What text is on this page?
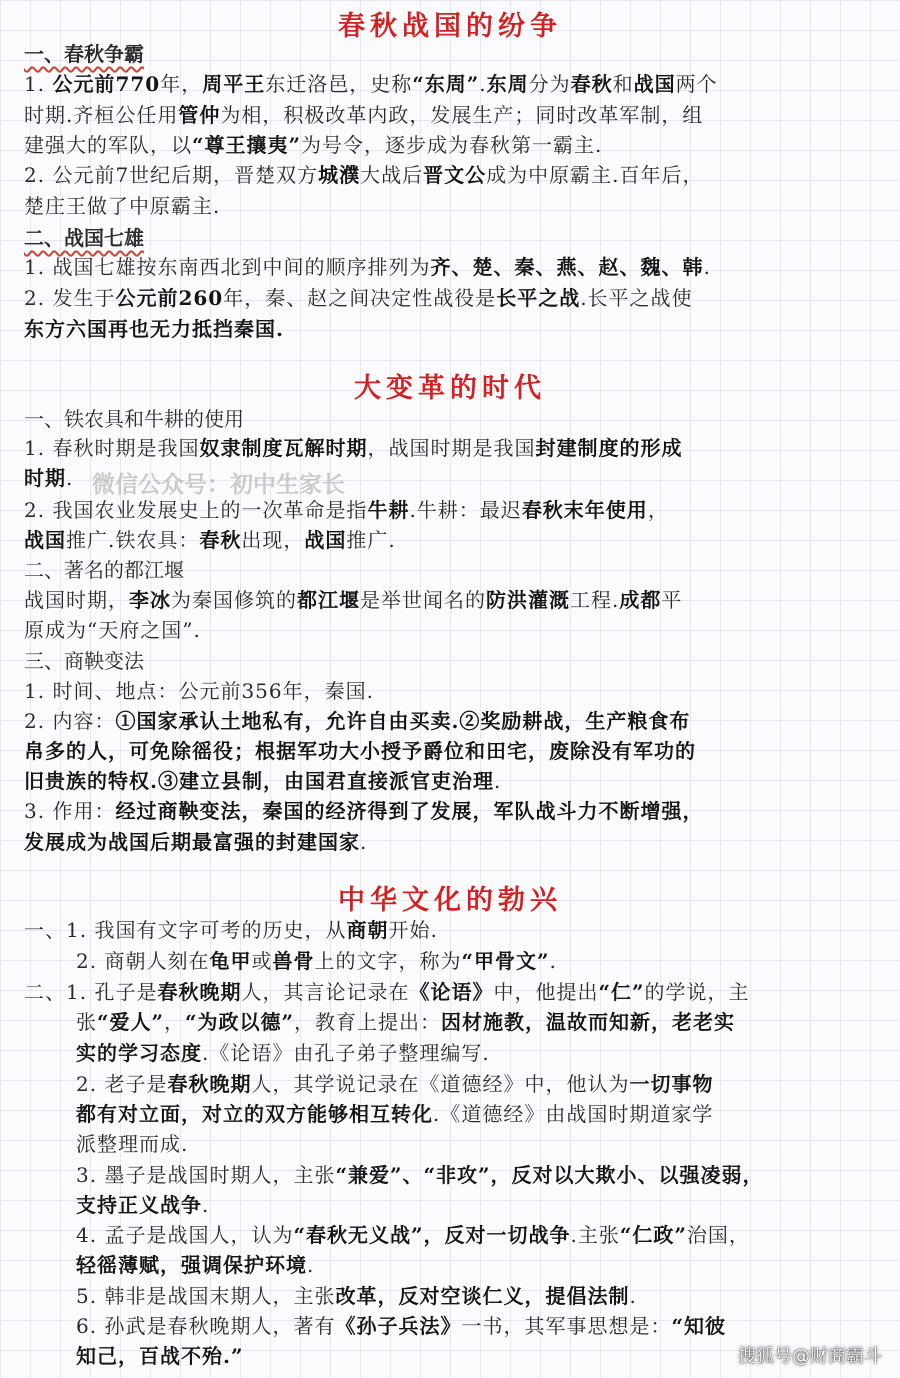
春秋战国的纷争
一、春秋争霸
1. 公元前770年，周平王东迁洛邑，史称“东周”.东周分为春秋和战国两个
时期.齐桓公任用管仲为相，积极改革内政，发展生产；同时改革军制，组
建强大的军队，以“尊王攘夷”为号令，逐步成为春秋第一霸主.
2. 公元前7世纪后期，晋楚双方城濮大战后晋文公成为中原霸主.百年后，
楚庄王做了中原霸主.
二、战国七雄
1. 战国七雄按东南西北到中间的顺序排列为齐、楚、秦、燕、赵、魏、韩.
2. 发生于公元前260年，秦、赵之间决定性战役是长平之战.长平之战使
东方六国再也无力抵挡秦国.
大变革的时代
一、铁农具和牛耕的使用
1. 春秋时期是我国奴隶制度瓦解时期，战国时期是我国封建制度的形成
时期.
2. 我国农业发展史上的一次革命是指牛耕.牛耕：最迟春秋末年使用，
战国推广.铁农具：春秋出现，战国推广.
二、著名的都江堰
战国时期，李冰为秦国修筑的都江堰是举世闻名的防洪灌溉工程.成都平
原成为“天府之国”.
三、商鞅变法
1. 时间、地点：公元前356年，秦国.
2. 内容：①国家承认土地私有，允许自由买卖.②奖励耕战，生产粮食布
帛多的人，可免除徭役；根据军功大小授予爵位和田宅，废除没有军功的
旧贵族的特权.③建立县制，由国君直接派官吏治理.
3. 作用：经过商鞅变法，秦国的经济得到了发展，军队战斗力不断增强，
发展成为战国后期最富强的封建国家.
中华文化的勃兴
一、1. 我国有文字可考的历史，从商朝开始.
2. 商朝人刻在龟甲或兽骨上的文字，称为“甲骨文”.
二、1. 孔子是春秋晚期人，其言论记录在《论语》中，他提出“仁”的学说，主
张“爱人”，“为政以德”，教育上提出：因材施教，温故而知新，老老实
实的学习态度.《论语》由孔子弟子整理编写.
2. 老子是春秋晚期人，其学说记录在《道德经》中，他认为一切事物
都有对立面，对立的双方能够相互转化.《道德经》由战国时期道家学
派整理而成.
3. 墨子是战国时期人，主张“兼爱”、“非攻”，反对以大欺小、以强凌弱，
支持正义战争.
4. 孟子是战国人，认为“春秋无义战”，反对一切战争.主张“仁政”治国，
轻徭薄赋，强调保护环境.
5. 韩非是战国末期人，主张改革，反对空谈仁义，提倡法制.
6. 孙武是春秋晚期人，著有《孙子兵法》一书，其军事思想是：“知彼
知己，百战不殆.”
微信公众号：初中生家长
搜狐号@财商霸斗
